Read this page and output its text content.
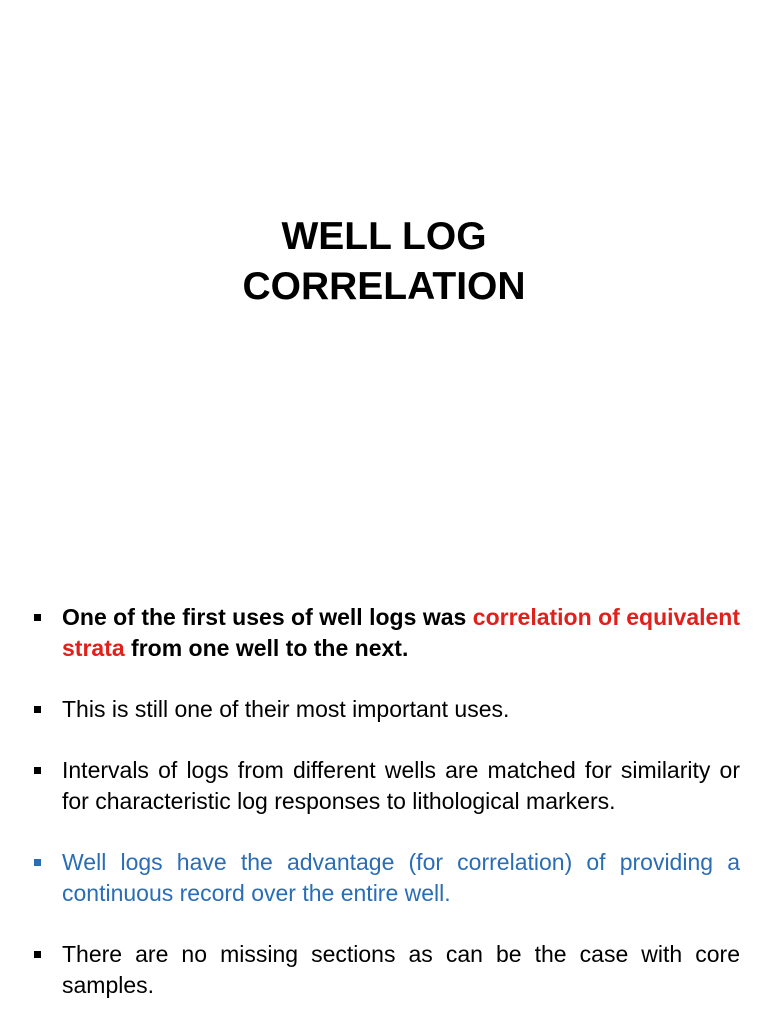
WELL LOG
CORRELATION
One of the first uses of well logs was correlation of equivalent strata from one well to the next.
This is still one of their most important uses.
Intervals of logs from different wells are matched for similarity or for characteristic log responses to lithological markers.
Well logs have the advantage (for correlation) of providing a continuous record over the entire well.
There are no missing sections as can be the case with core samples.
